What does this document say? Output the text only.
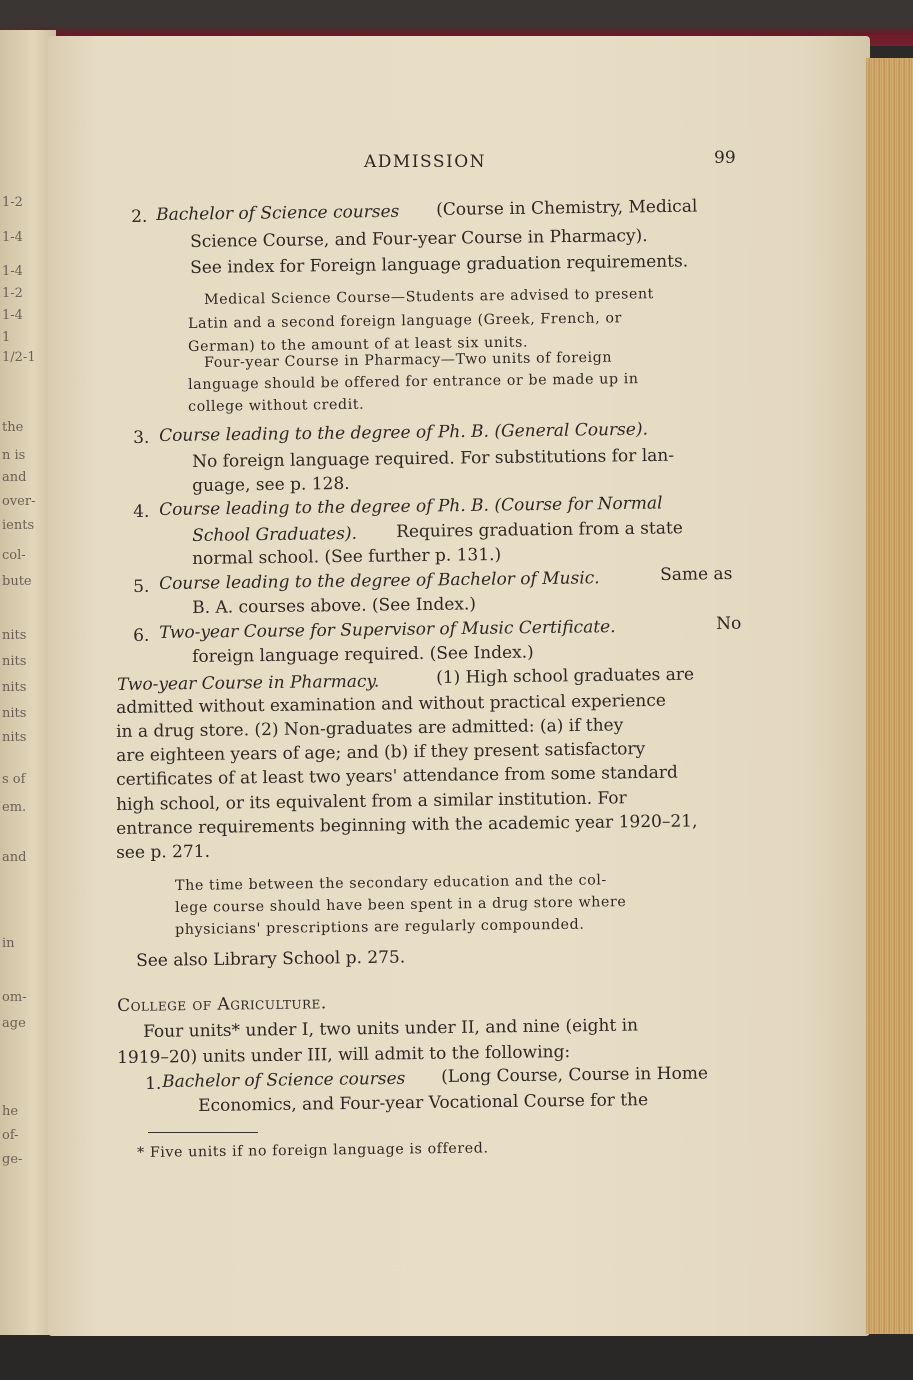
1-2
1-4
1-4
1-2
1-4
1
1/2-1
the
n is
and
over-
ients
col-
bute
nits
nits
nits
nits
nits
s of
em.
and
in
om-
age
he
of-
ge-
ADMISSION	99
2. Bachelor of Science courses (Course in Chemistry, Medical
Science Course, and Four-year Course in Pharmacy).
See index for Foreign language graduation requirements.
Medical Science Course—Students are advised to present
Latin and a second foreign language (Greek, French, or
German) to the amount of at least six units.
Four-year Course in Pharmacy—Two units of foreign
language should be offered for entrance or be made up in
college without credit.
3. Course leading to the degree of Ph. B. (General Course).
No foreign language required. For substitutions for lan-
guage, see p. 128.
4. Course leading to the degree of Ph. B. (Course for Normal
School Graduates). Requires graduation from a state
normal school. (See further p. 131.)
5. Course leading to the degree of Bachelor of Music.	Same as
B. A. courses above. (See Index.)
6. Two-year Course for Supervisor of Music Certificate.	No
foreign language required. (See Index.)
Two-year Course in Pharmacy.	(1) High school graduates are
admitted without examination and without practical experience
in a drug store. (2) Non-graduates are admitted: (a) if they
are eighteen years of age; and (b) if they present satisfactory
certificates of at least two years' attendance from some standard
high school, or its equivalent from a similar institution. For
entrance requirements beginning with the academic year 1920–21,
see p. 271.
The time between the secondary education and the col-
lege course should have been spent in a drug store where
physicians' prescriptions are regularly compounded.
See also Library School p. 275.
College of Agriculture.
Four units* under I, two units under II, and nine (eight in
1919–20) units under III, will admit to the following:
1. Bachelor of Science courses (Long Course, Course in Home
Economics, and Four-year Vocational Course for the
* Five units if no foreign language is offered.
